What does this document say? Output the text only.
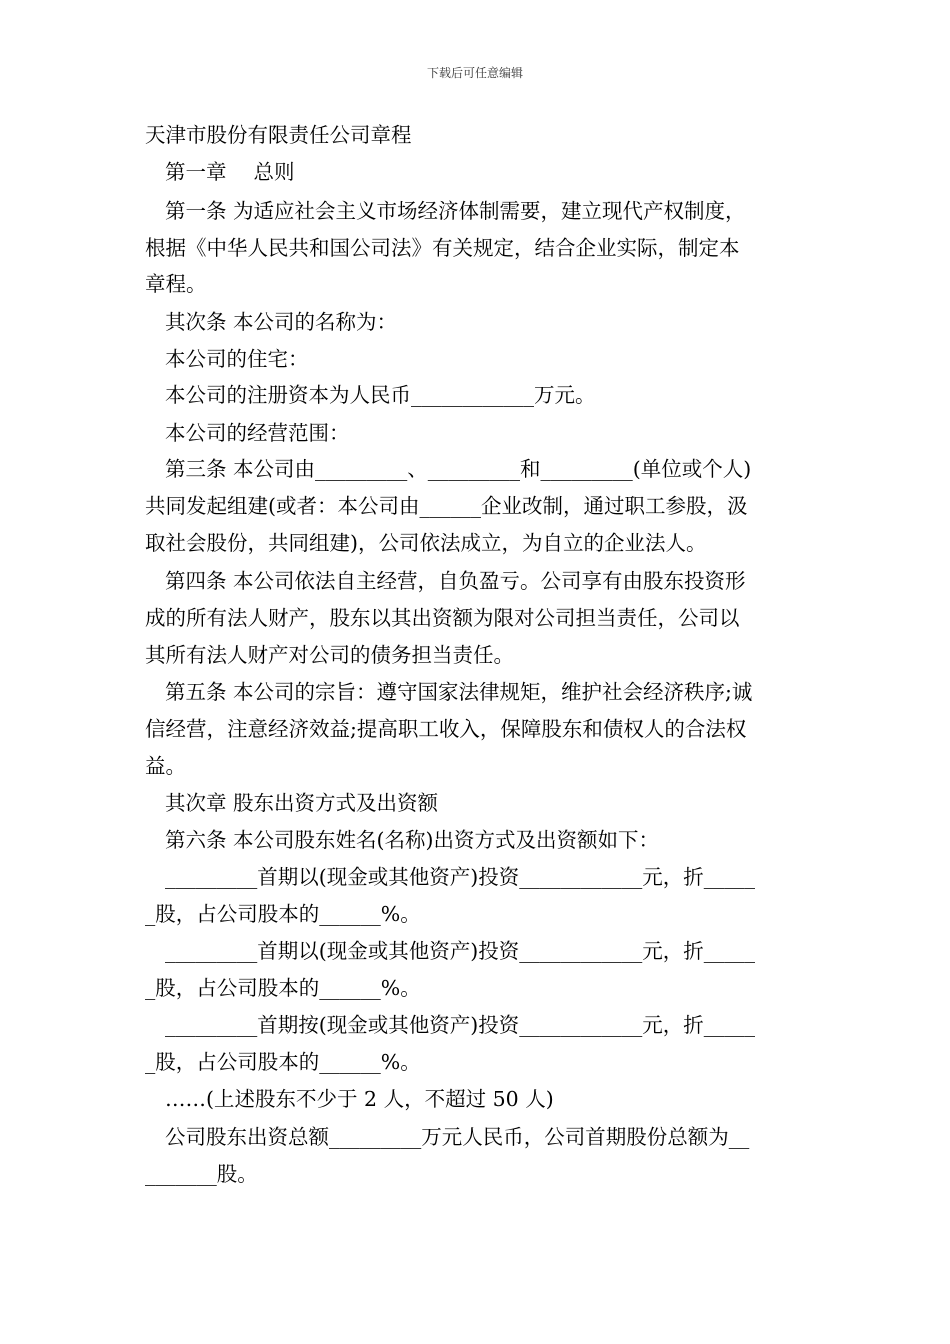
下载后可任意编辑
天津市股份有限责任公司章程
第一章　 总则
第一条 为适应社会主义市场经济体制需要，建立现代产权制度，
根据《中华人民共和国公司法》有关规定，结合企业实际，制定本
章程。
其次条 本公司的名称为：
本公司的住宅：
本公司的注册资本为人民币____________万元。
本公司的经营范围：
第三条 本公司由_________、_________和_________(单位或个人)
共同发起组建(或者：本公司由______企业改制，通过职工参股，汲
取社会股份，共同组建)，公司依法成立，为自立的企业法人。
第四条 本公司依法自主经营，自负盈亏。公司享有由股东投资形
成的所有法人财产，股东以其出资额为限对公司担当责任，公司以
其所有法人财产对公司的债务担当责任。
第五条 本公司的宗旨：遵守国家法律规矩，维护社会经济秩序;诚
信经营，注意经济效益;提高职工收入，保障股东和债权人的合法权
益。
其次章 股东出资方式及出资额
第六条 本公司股东姓名(名称)出资方式及出资额如下：
_________首期以(现金或其他资产)投资____________元，折_____
_股，占公司股本的______%。
_________首期以(现金或其他资产)投资____________元，折_____
_股，占公司股本的______%。
_________首期按(现金或其他资产)投资____________元，折_____
_股，占公司股本的______%。
……(上述股东不少于 2 人，不超过 50 人)
公司股东出资总额_________万元人民币，公司首期股份总额为__
_______股。
